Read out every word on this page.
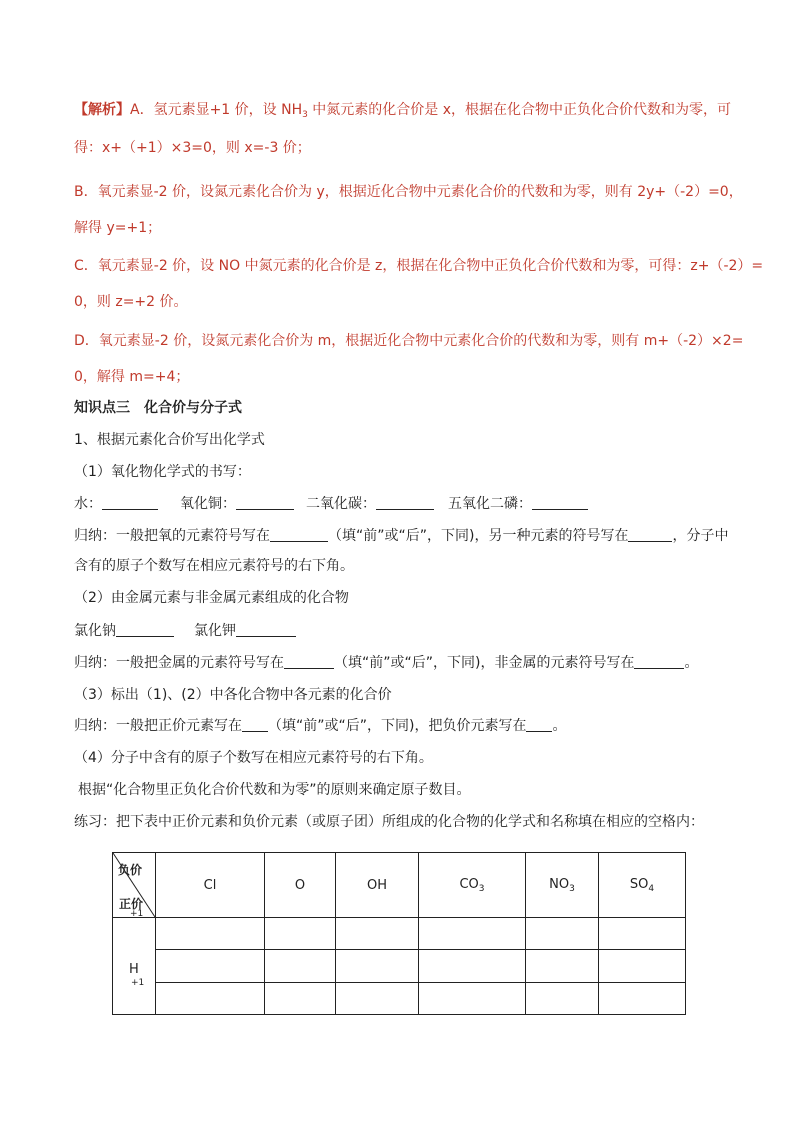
【解析】A．氢元素显+1 价，设 $NH_3$ 中氮元素的化合价是 x，根据在化合物中正负化合价代数和为零，可
得：x+（+1）×3=0，则 x=-3 价；
B．氧元素显-2 价，设氮元素化合价为 y，根据近化合物中元素化合价的代数和为零，则有 2y+（-2）=0，
解得 y=+1；
C．氧元素显-2 价，设 NO 中氮元素的化合价是 z，根据在化合物中正负化合价代数和为零，可得：z+（-2）=
0，则 z=+2 价。
D．氧元素显-2 价，设氮元素化合价为 m，根据近化合物中元素化合价的代数和为零，则有 m+（-2）×2=
0，解得 m=+4；
知识点三　化合价与分子式
1、根据元素化合价写出化学式
（1）氧化物化学式的书写：
水：	氧化铜：	二氧化碳：	五氧化二磷：
归纳：一般把氧的元素符号写在	（填“前”或“后”，下同)，另一种元素的符号写在	，分子中
含有的原子个数写在相应元素符号的右下角。
（2）由金属元素与非金属元素组成的化合物
氯化钠	氯化钾
归纳：一般把金属的元素符号写在	（填“前”或“后”，下同)，非金属的元素符号写在	。
（3）标出（1)、(2）中各化合物中各元素的化合价
归纳：一般把正价元素写在 （填“前”或“后”，下同)，把负价元素写在 。
（4）分子中含有的原子个数写在相应元素符号的右下角。
根据“化合物里正负化合价代数和为零”的原则来确定原子数目。
练习：把下表中正价元素和负价元素（或原子团）所组成的化合物的化学式和名称填在相应的空格内：
负价
正价
+1	Cl	O	OH	$CO_3$	$NO_3$	$SO_4$

H
+1						
